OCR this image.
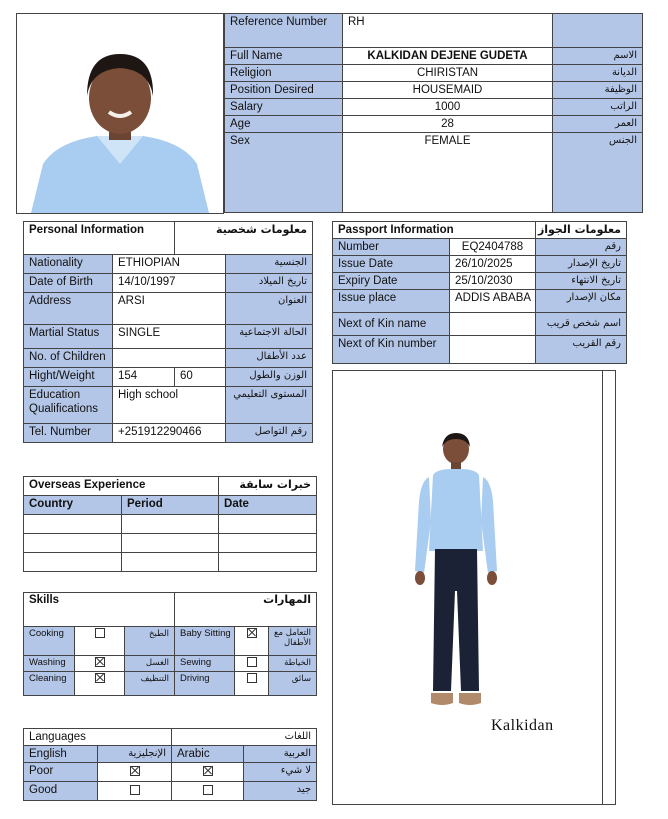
Reference Number	RH	
Full Name	KALKIDAN DEJENE GUDETA	الاسم
Religion	CHIRISTAN	الديانة
Position Desired	HOUSEMAID	الوظيفة
Salary	1000	الراتب
Age	28	العمر
Sex	FEMALE	الجنس
Personal Information		معلومات شخصية	
Nationality	ETHIOPIAN		الجنسية
Date of Birth	14/10/1997		تاريخ الميلاد
Address	ARSI		العنوان
Martial Status	SINGLE		الحالة الاجتماعية
No. of Children			عدد الأطفال
Hight/Weight	154	60	الوزن والطول
Education Qualifications	High school		المستوى التعليمي
Tel. Number	+251912290466		رقم التواصل
Passport Information		معلومات الجواز
Number	EQ2404788	رقم
Issue Date	26/10/2025	تاريخ الإصدار
Expiry Date	25/10/2030	تاريخ الانتهاء
Issue place	ADDIS ABABA	مكان الإصدار
Next of Kin name		اسم شخص قريب
Next of Kin number		رقم القريب
Kalkidan
Overseas Experience		خبرات سابقة
Country	Period	Date

Skills			المهارات		
Cooking		الطبخ	Baby Sitting		التعامل مع الأطفال
Washing		الغسل	Sewing		الخياطة
Cleaning		التنظيف	Driving		سائق
Languages		اللغات	
English	الإنجليزية	Arabic	العربية
Poor			لا شيء
Good			جيد
